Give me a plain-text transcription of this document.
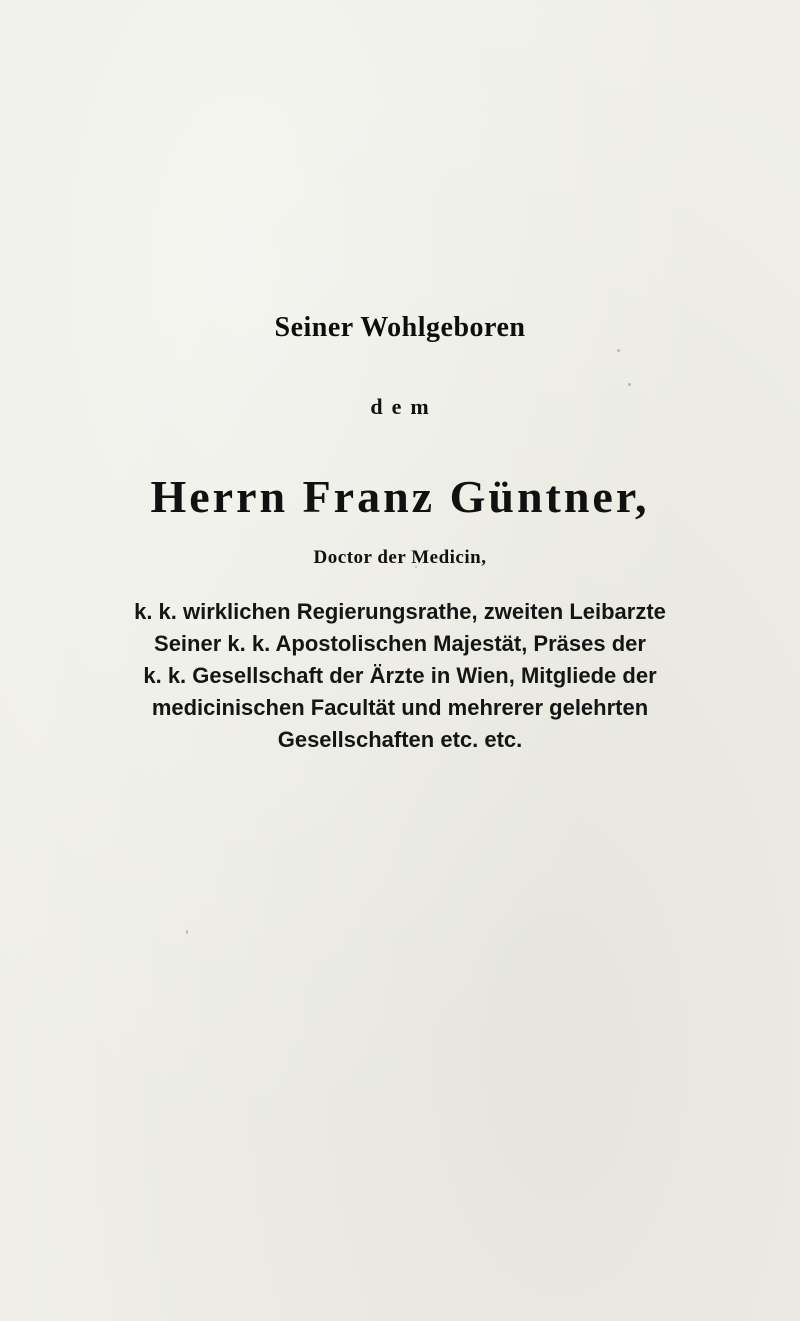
Seiner Wohlgeboren
dem
Herrn Franz Güntner,
Doctor der Medicin,
k. k. wirklichen Regierungsrathe, zweiten Leibarzte
Seiner k. k. Apostolischen Majestät, Präses der
k. k. Gesellschaft der Ärzte in Wien, Mitgliede der
medicinischen Facultät und mehrerer gelehrten
Gesellschaften etc. etc.
